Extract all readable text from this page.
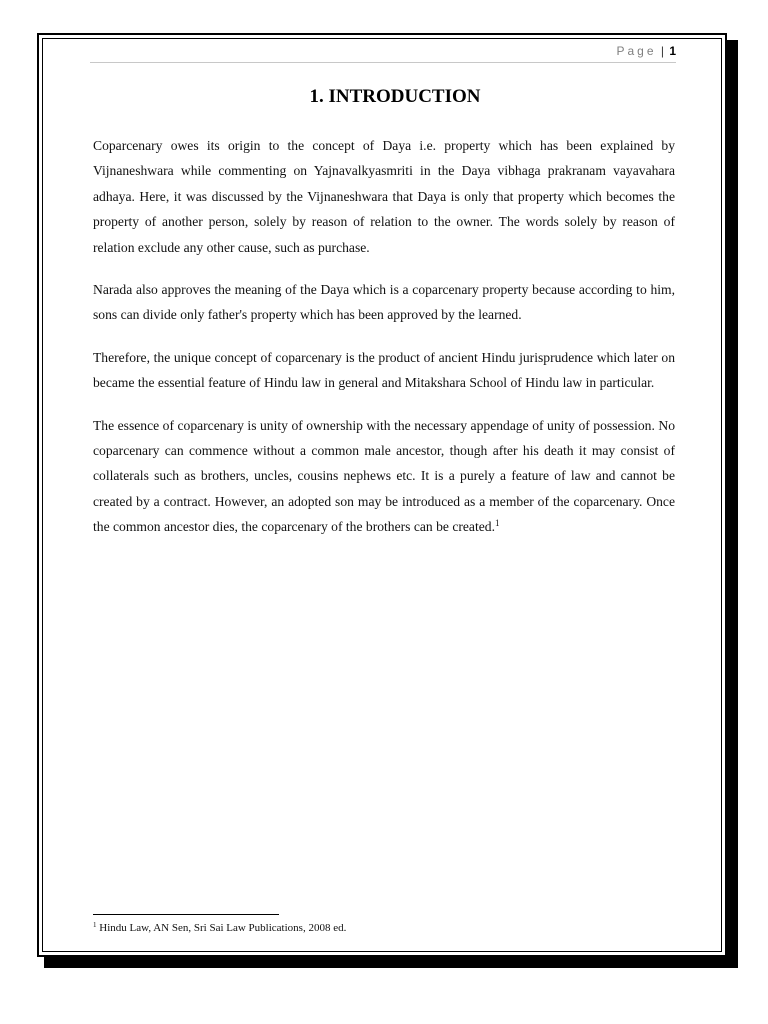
Page | 1
1. INTRODUCTION

Coparcenary owes its origin to the concept of Daya i.e. property which has been explained by Vijnaneshwara while commenting on Yajnavalkyasmriti in the Daya vibhaga prakranam vayavahara adhaya. Here, it was discussed by the Vijnaneshwara that Daya is only that property which becomes the property of another person, solely by reason of relation to the owner. The words solely by reason of relation exclude any other cause, such as purchase.

Narada also approves the meaning of the Daya which is a coparcenary property because according to him, sons can divide only father's property which has been approved by the learned.

Therefore, the unique concept of coparcenary is the product of ancient Hindu jurisprudence which later on became the essential feature of Hindu law in general and Mitakshara School of Hindu law in particular.

The essence of coparcenary is unity of ownership with the necessary appendage of unity of possession. No coparcenary can commence without a common male ancestor, though after his death it may consist of collaterals such as brothers, uncles, cousins nephews etc. It is a purely a feature of law and cannot be created by a contract. However, an adopted son may be introduced as a member of the coparcenary. Once the common ancestor dies, the coparcenary of the brothers can be created.$^1$

$^1$ Hindu Law, AN Sen, Sri Sai Law Publications, 2008 ed.
